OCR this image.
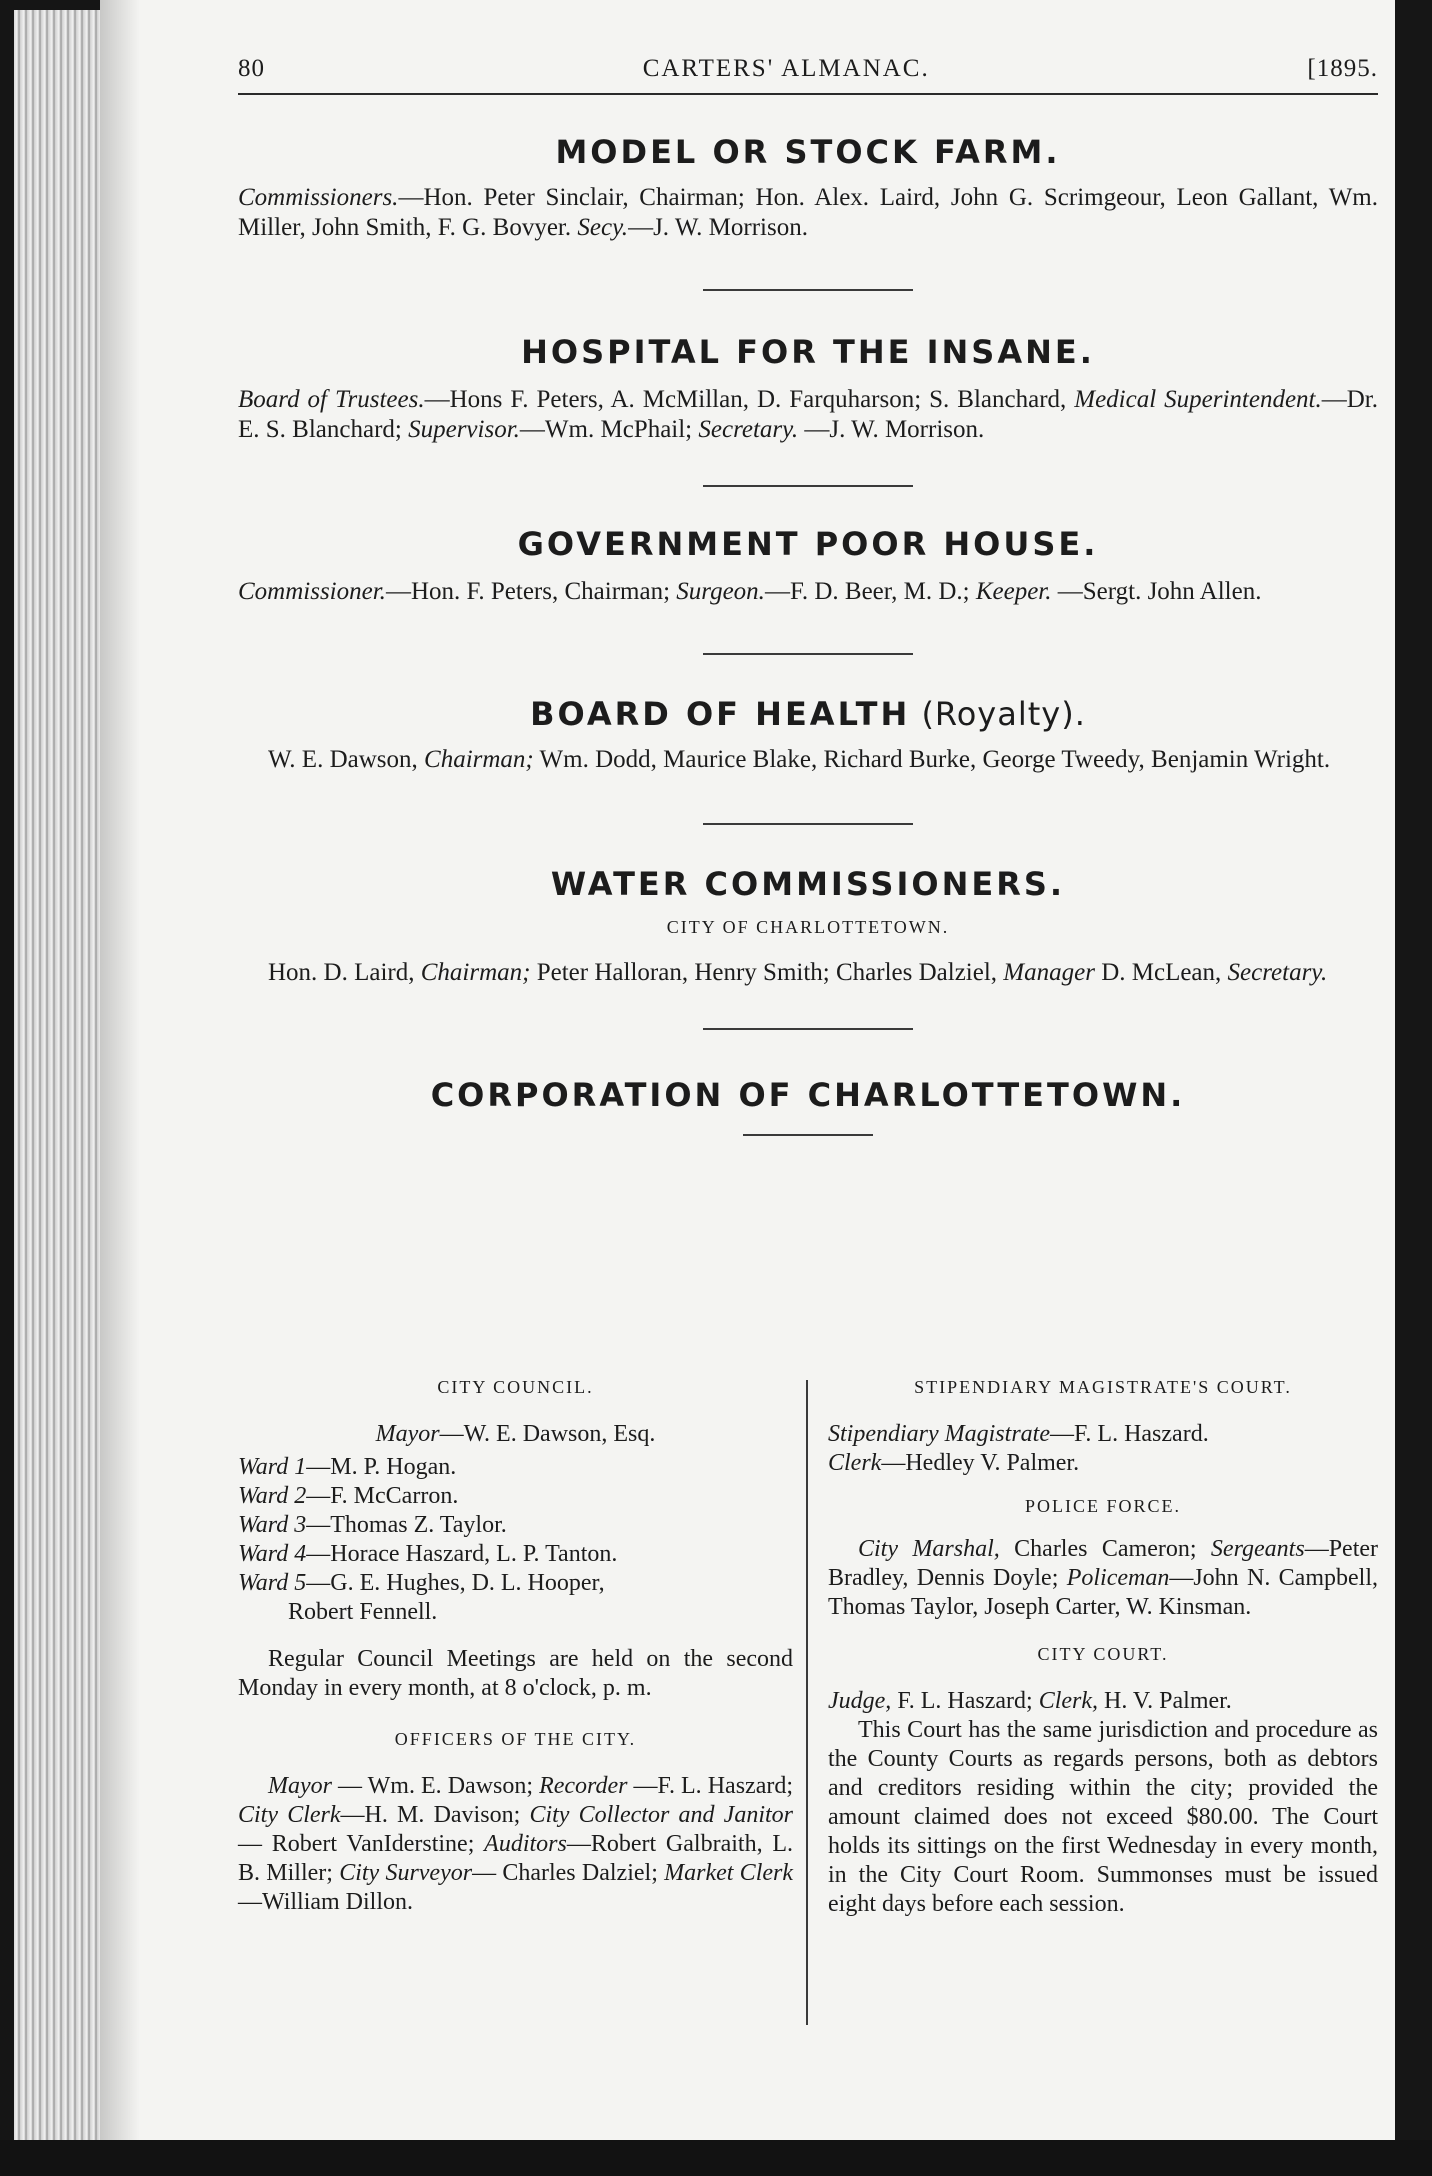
80	CARTERS' ALMANAC.	[1895.
MODEL OR STOCK FARM.

Commissioners.—Hon. Peter Sinclair, Chairman; Hon. Alex. Laird, John G. Scrimgeour, Leon Gallant, Wm. Miller, John Smith, F. G. Bovyer. Secy.—J. W. Morrison.

HOSPITAL FOR THE INSANE.

Board of Trustees.—Hons F. Peters, A. McMillan, D. Farquharson; S. Blanchard, Medical Superintendent.—Dr. E. S. Blanchard; Supervisor.—Wm. McPhail; Secretary. —J. W. Morrison.

GOVERNMENT POOR HOUSE.

Commissioner.—Hon. F. Peters, Chairman; Surgeon.—F. D. Beer, M. D.; Keeper. —Sergt. John Allen.

BOARD OF HEALTH (Royalty).

W. E. Dawson, Chairman; Wm. Dodd, Maurice Blake, Richard Burke, George Tweedy, Benjamin Wright.

WATER COMMISSIONERS.

CITY OF CHARLOTTETOWN.

Hon. D. Laird, Chairman; Peter Halloran, Henry Smith; Charles Dalziel, Manager D. McLean, Secretary.

CORPORATION OF CHARLOTTETOWN.

CITY COUNCIL.

Mayor—W. E. Dawson, Esq.

Ward 1—M. P. Hogan.

Ward 2—F. McCarron.

Ward 3—Thomas Z. Taylor.

Ward 4—Horace Haszard, L. P. Tanton.

Ward 5—G. E. Hughes, D. L. Hooper,

Robert Fennell.

Regular Council Meetings are held on the second Monday in every month, at 8 o'clock, p. m.

OFFICERS OF THE CITY.

Mayor — Wm. E. Dawson; Recorder —F. L. Haszard; City Clerk—H. M. Davison; City Collector and Janitor— Robert VanIderstine; Auditors—Robert Galbraith, L. B. Miller; City Surveyor— Charles Dalziel; Market Clerk—William Dillon.

STIPENDIARY MAGISTRATE'S COURT.

Stipendiary Magistrate—F. L. Haszard.

Clerk—Hedley V. Palmer.

POLICE FORCE.

City Marshal, Charles Cameron; Sergeants—Peter Bradley, Dennis Doyle; Policeman—John N. Campbell, Thomas Taylor, Joseph Carter, W. Kinsman.

CITY COURT.

Judge, F. L. Haszard; Clerk, H. V. Palmer.

This Court has the same jurisdiction and procedure as the County Courts as regards persons, both as debtors and creditors residing within the city; provided the amount claimed does not exceed $80.00. The Court holds its sittings on the first Wednesday in every month, in the City Court Room. Summonses must be issued eight days before each session.
